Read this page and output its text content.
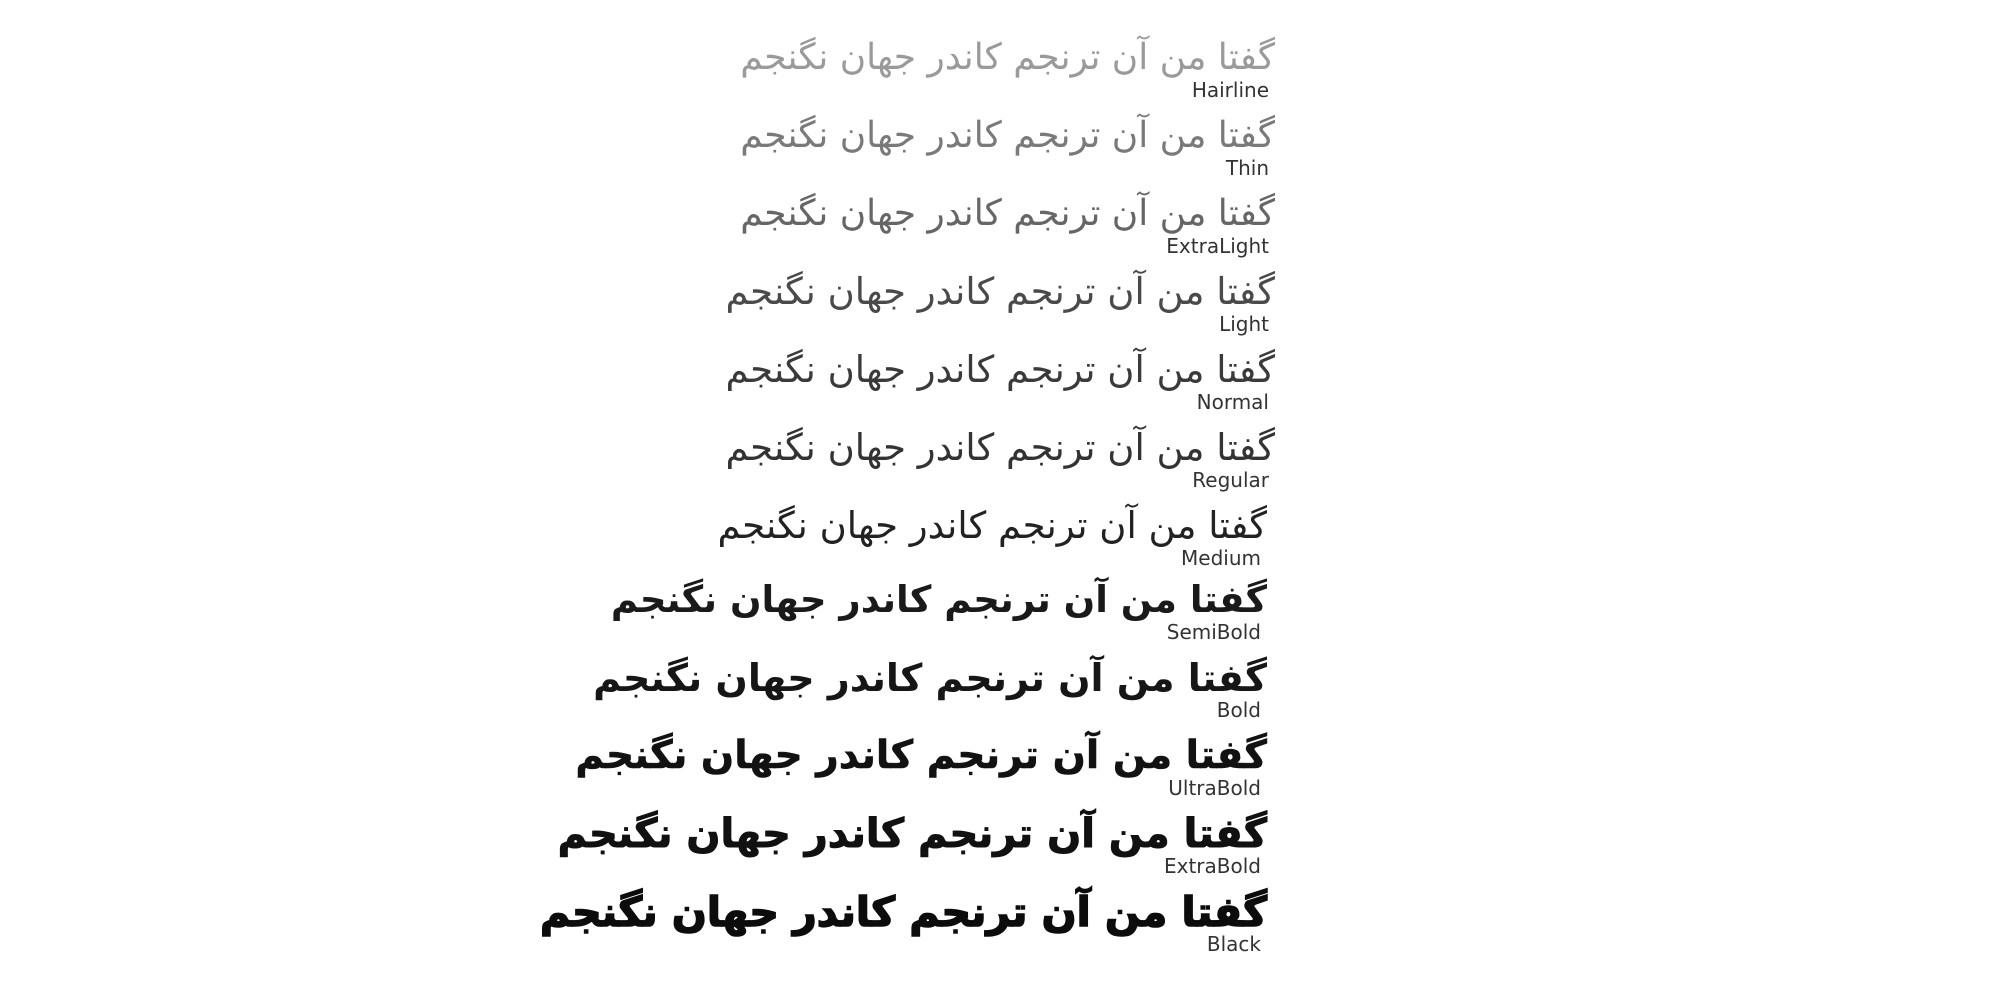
گفتا من آن ترنجم کاندر جهان نگنجم
Hairline
گفتا من آن ترنجم کاندر جهان نگنجم
Thin
گفتا من آن ترنجم کاندر جهان نگنجم
ExtraLight
گفتا من آن ترنجم کاندر جهان نگنجم
Light
گفتا من آن ترنجم کاندر جهان نگنجم
Normal
گفتا من آن ترنجم کاندر جهان نگنجم
Regular
گفتا من آن ترنجم کاندر جهان نگنجم
Medium
گفتا من آن ترنجم کاندر جهان نگنجم
SemiBold
گفتا من آن ترنجم کاندر جهان نگنجم
Bold
گفتا من آن ترنجم کاندر جهان نگنجم
UltraBold
گفتا من آن ترنجم کاندر جهان نگنجم
ExtraBold
گفتا من آن ترنجم کاندر جهان نگنجم
Black
